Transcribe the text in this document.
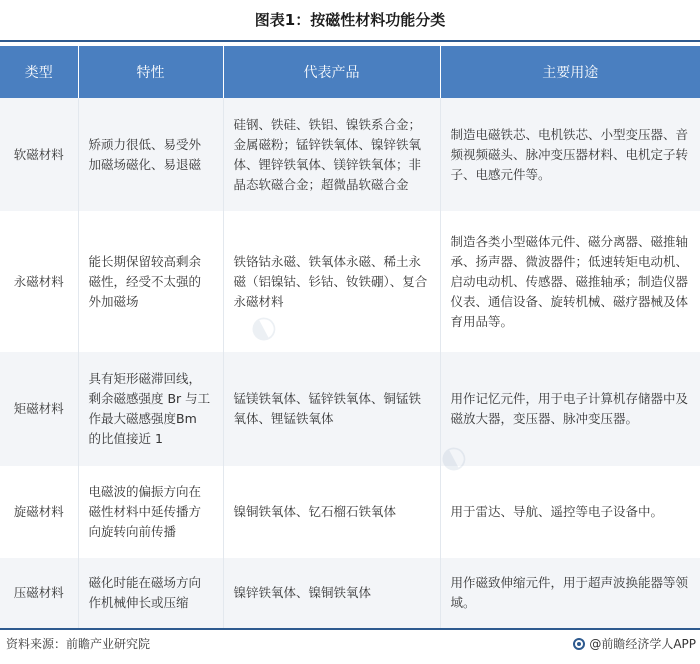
图表1：按磁性材料功能分类
类型	特性	代表产品	主要用途
软磁材料	矫顽力很低、易受外加磁场磁化、易退磁	硅钢、铁硅、铁铝、镍铁系合金；金属磁粉；锰锌铁氧体、镍锌铁氧体、锂锌铁氧体、镁锌铁氧体；非晶态软磁合金；超微晶软磁合金	制造电磁铁芯、电机铁芯、小型变压器、音频视频磁头、脉冲变压器材料、电机定子转子、电感元件等。
永磁材料	能长期保留较高剩余磁性，经受不太强的外加磁场	铁铬钴永磁、铁氧体永磁、稀土永磁（铝镍钴、钐钴、钕铁硼）、复合永磁材料	制造各类小型磁体元件、磁分离器、磁推轴承、扬声器、微波器件；低速转矩电动机、启动电动机、传感器、磁推轴承；制造仪器仪表、通信设备、旋转机械、磁疗器械及体育用品等。
矩磁材料	具有矩形磁滞回线，剩余磁感强度 Br 与工作最大磁感强度Bm 的比值接近 1	锰镁铁氧体、锰锌铁氧体、铜锰铁氧体、锂锰铁氧体	用作记忆元件，用于电子计算机存储器中及磁放大器，变压器、脉冲变压器。
旋磁材料	电磁波的偏振方向在磁性材料中延传播方向旋转向前传播	镍铜铁氧体、钇石榴石铁氧体	用于雷达、导航、遥控等电子设备中。
压磁材料	磁化时能在磁场方向作机械伸长或压缩	镍锌铁氧体、镍铜铁氧体	用作磁致伸缩元件，用于超声波换能器等领域。
资料来源：前瞻产业研究院	@前瞻经济学人APP
